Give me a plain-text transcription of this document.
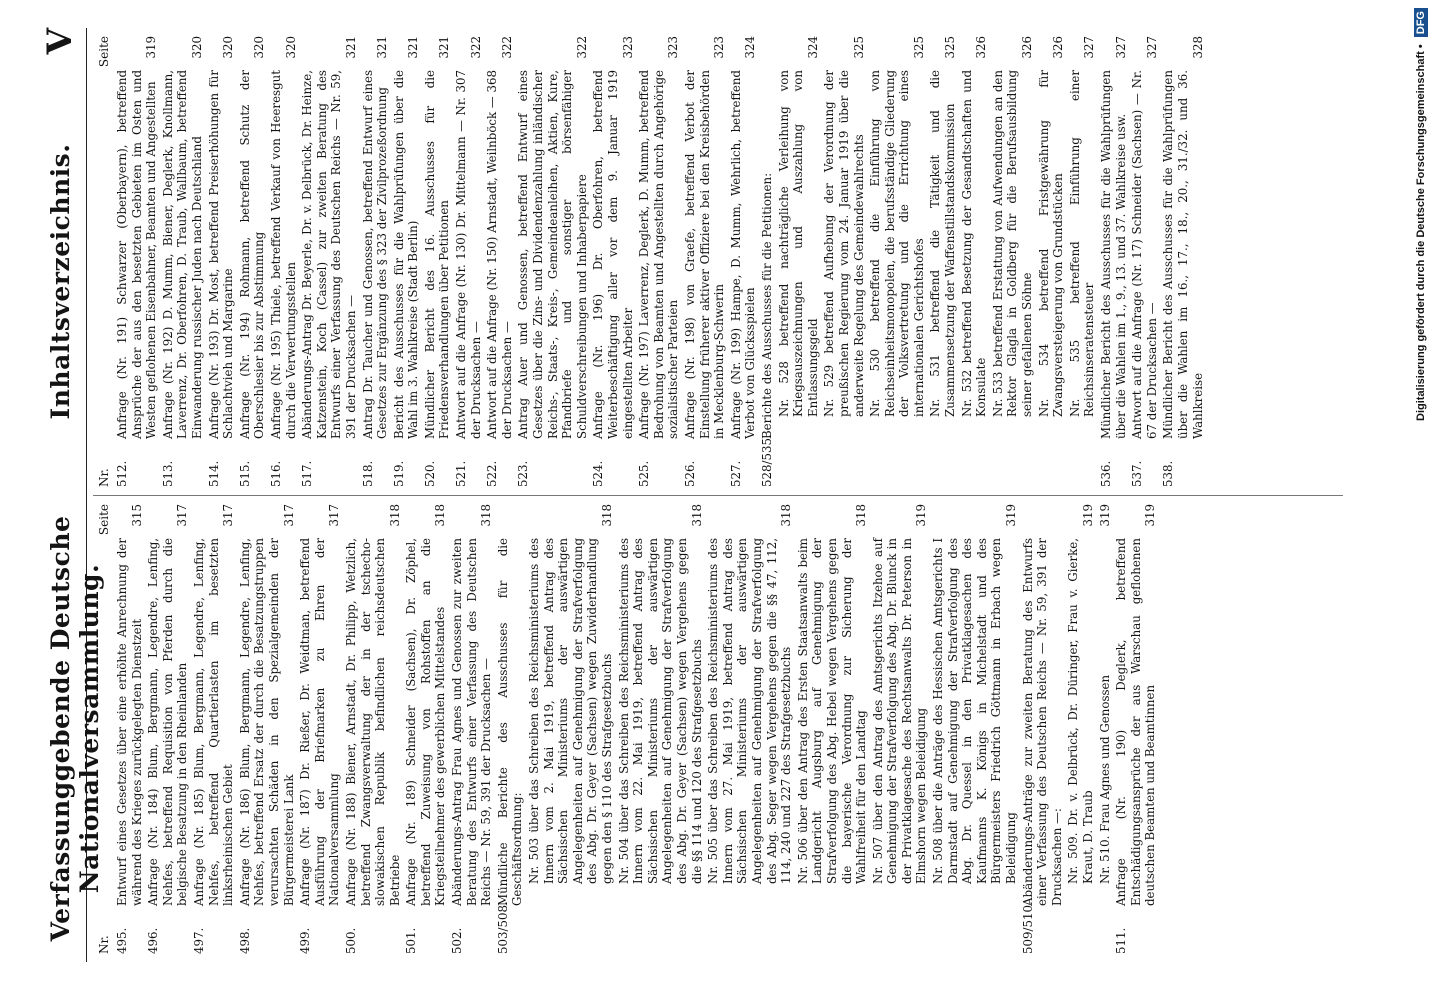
Verfassunggebende Deutsche Nationalversammlung.
Inhaltsverzeichnis.
V
Nr.
Seite
495.
Entwurf eines Gesetzes über eine erhöhte Anrechnung der während des Krieges zurückgelegten Dienstzeit
315
496.
Anfrage (Nr. 184) Blum, Bergmann, Legendre, Lenfing, Nehfes, betreffend Requisition von Pferden durch die belgische Besatzung in den Rheinlanden
317
497.
Anfrage (Nr. 185) Blum, Bergmann, Legendre, Lenfing, Nehfes, betreffend Quartierlasten im besetzten linksrheinischen Gebiet
317
498.
Anfrage (Nr. 186) Blum, Bergmann, Legendre, Lenfing, Nehfes, betreffend Ersatz der durch die Besatzungstruppen verursachten Schäden in den Spezialgemeinden der Bürgermeisterei Lank
317
499.
Anfrage (Nr. 187) Dr. Rießer, Dr. Weidtman, betreffend Ausführung der Briefmarken zu Ehren der Nationalversammlung
317
500.
Anfrage (Nr. 188) Biener, Arnstadt, Dr. Philipp, Wetzlich, betreffend Zwangsverwaltung der in der tschecho-slowakischen Republik befindlichen reichsdeutschen Betriebe
318
501.
Anfrage (Nr. 189) Schneider (Sachsen), Dr. Zöphel, betreffend Zuweisung von Rohstoffen an die Kriegsteilnehmer des gewerblichen Mittelstandes
318
502.
Abänderungs-Antrag Frau Agnes und Genossen zur zweiten Beratung des Entwurfs einer Verfassung des Deutschen Reichs — Nr. 59, 391 der Drucksachen —
318
503/508.
Mündliche Berichte des Ausschusses für die Geschäftsordnung: Nr. 503 über das Schreiben des Reichsministeriums des Innern vom 2. Mai 1919, betreffend Antrag des Sächsischen Ministeriums der auswärtigen Angelegenheiten auf Genehmigung der Strafverfolgung des Abg. Dr. Geyer (Sachsen) wegen Zuwiderhandlung gegen den § 110 des Strafgesetzbuchs
318
Nr. 504 über das Schreiben des Reichsministeriums des Innern vom 22. Mai 1919, betreffend Antrag des Sächsischen Ministeriums der auswärtigen Angelegenheiten auf Genehmigung der Strafverfolgung des Abg. Dr. Geyer (Sachsen) wegen Vergehens gegen die §§ 114 und 120 des Strafgesetzbuchs
318
Nr. 505 über das Schreiben des Reichsministeriums des Innern vom 27. Mai 1919, betreffend Antrag des Sächsischen Ministeriums der auswärtigen Angelegenheiten auf Genehmigung der Strafverfolgung des Abg. Seger wegen Vergehens gegen die §§ 47, 112, 114, 240 und 227 des Strafgesetzbuchs
318
Nr. 506 über den Antrag des Ersten Staatsanwalts beim Landgericht Augsburg auf Genehmigung der Strafverfolgung des Abg. Hebel wegen Vergehens gegen die bayerische Verordnung zur Sicherung der Wahlfreiheit für den Landtag
318
Nr. 507 über den Antrag des Amtsgerichts Itzehoe auf Genehmigung der Strafverfolgung des Abg. Dr. Blunck in der Privatklagesache des Rechtsanwalts Dr. Peterson in Elmshorn wegen Beleidigung
319
Nr. 508 über die Anträge des Hessischen Amtsgerichts I Darmstadt auf Genehmigung der Strafverfolgung des Abg. Dr. Quessel in den Privatklagesachen des Kaufmanns K. Königs in Michelstadt und des Bürgermeisters Friedrich Göttmann in Erbach wegen Beleidigung
319
509/510.
Abänderungs-Anträge zur zweiten Beratung des Entwurfs einer Verfassung des Deutschen Reichs — Nr. 59, 391 der Drucksachen —: Nr. 509. Dr. v. Delbrück, Dr. Düringer, Frau v. Gierke, Kraut, D. Traub
319
Nr. 510. Frau Agnes und Genossen
319
511.
Anfrage (Nr. 190) Deglerk, betreffend Entschädigungsansprüche der aus Warschau geflohenen deutschen Beamten und Beamtinnen
319
Nr.
Seite
512.
Anfrage (Nr. 191) Schwarzer (Oberbayern), betreffend Ansprüche der aus den besetzten Gebieten im Osten und Westen geflohenen Eisenbahner, Beamten und Angestellten
319
513.
Anfrage (Nr. 192) D. Mumm, Biener, Deglerk, Knollmann, Laverrenz, Dr. Oberfohren, D. Traub, Wallbaum, betreffend Einwanderung russischer Juden nach Deutschland
320
514.
Anfrage (Nr. 193) Dr. Most, betreffend Preiserhöhungen für Schlachtvieh und Margarine
320
515.
Anfrage (Nr. 194) Rohmann, betreffend Schutz der Oberschlesier bis zur Abstimmung
320
516.
Anfrage (Nr. 195) Thiele, betreffend Verkauf von Heeresgut durch die Verwertungsstellen
320
517.
Abänderungs-Antrag Dr. Beyerle, Dr. v. Delbrück, Dr. Heinze, Katzenstein, Koch (Cassel) zur zweiten Beratung des Entwurfs einer Verfassung des Deutschen Reichs — Nr. 59, 391 der Drucksachen —
321
518.
Antrag Dr. Taucher und Genossen, betreffend Entwurf eines Gesetzes zur Ergänzung des § 323 der Zivilprozeßordnung
321
519.
Bericht des Ausschusses für die Wahlprüfungen über die Wahl im 3. Wahlkreise (Stadt Berlin)
321
520.
Mündlicher Bericht des 16. Ausschusses für die Friedensverhandlungen über Petitionen
321
521.
Antwort auf die Anfrage (Nr. 130) Dr. Mittelmann — Nr. 307 der Drucksachen —
322
522.
Antwort auf die Anfrage (Nr. 150) Arnstadt, Weilnböck — 368 der Drucksachen —
322
523.
Antrag Auer und Genossen, betreffend Entwurf eines Gesetzes über die Zins- und Dividendenzahlung inländischer Reichs-, Staats-, Kreis-, Gemeindeanleihen, Aktien, Kure, Pfandbriefe und sonstiger börsenfähiger Schuldverschreibungen und Inhaberpapiere
322
524.
Anfrage (Nr. 196) Dr. Oberfohren, betreffend Weiterbeschäftigung aller vor dem 9. Januar 1919 eingestellten Arbeiter
323
525.
Anfrage (Nr. 197) Laverrenz, Deglerk, D. Mumm, betreffend Bedrohung von Beamten und Angestellten durch Angehörige sozialistischer Parteien
323
526.
Anfrage (Nr. 198) von Graefe, betreffend Verbot der Einstellung früherer aktiver Offiziere bei den Kreisbehörden in Mecklenburg-Schwerin
323
527.
Anfrage (Nr. 199) Hampe, D. Mumm, Wehrlich, betreffend Verbot von Glücksspielen
324
528/535.
Berichte des Ausschusses für die Petitionen: Nr. 528 betreffend nachträgliche Verleihung von Kriegsauszeichnungen und Auszahlung von Entlassungsgeld
324
Nr. 529 betreffend Aufhebung der Verordnung der preußischen Regierung vom 24. Januar 1919 über die anderweite Regelung des Gemeindewahlrechts
325
Nr. 530 betreffend die Einführung von Reichseinheitsmonopolen, die berufsständige Gliederung der Volksvertretung und die Errichtung eines internationalen Gerichtshofes
325
Nr. 531 betreffend die Tätigkeit und die Zusammensetzung der Waffenstillstandskommission
325
Nr. 532 betreffend Besetzung der Gesandtschaften und Konsulate
326
Nr. 533 betreffend Erstattung von Aufwendungen an den Rektor Glagla in Goldberg für die Berufsausbildung seiner gefallenen Söhne
326
Nr. 534 betreffend Fristgewährung für Zwangsversteigerung von Grundstücken
326
Nr. 535 betreffend Einführung einer Reichsinseratensteuer
327
536.
Mündlicher Bericht des Ausschusses für die Wahlprüfungen über die Wahlen im 1., 9., 13. und 37. Wahlkreise usw.
327
537.
Antwort auf die Anfrage (Nr. 17) Schneider (Sachsen) — Nr. 67 der Drucksachen —
327
538.
Mündlicher Bericht des Ausschusses für die Wahlprüfungen über die Wahlen im 16., 17., 18., 20., 31./32. und 36. Wahlkreise
328	Digitalisierung gefördert durch die Deutsche Forschungsgemeinschaft • DFG
